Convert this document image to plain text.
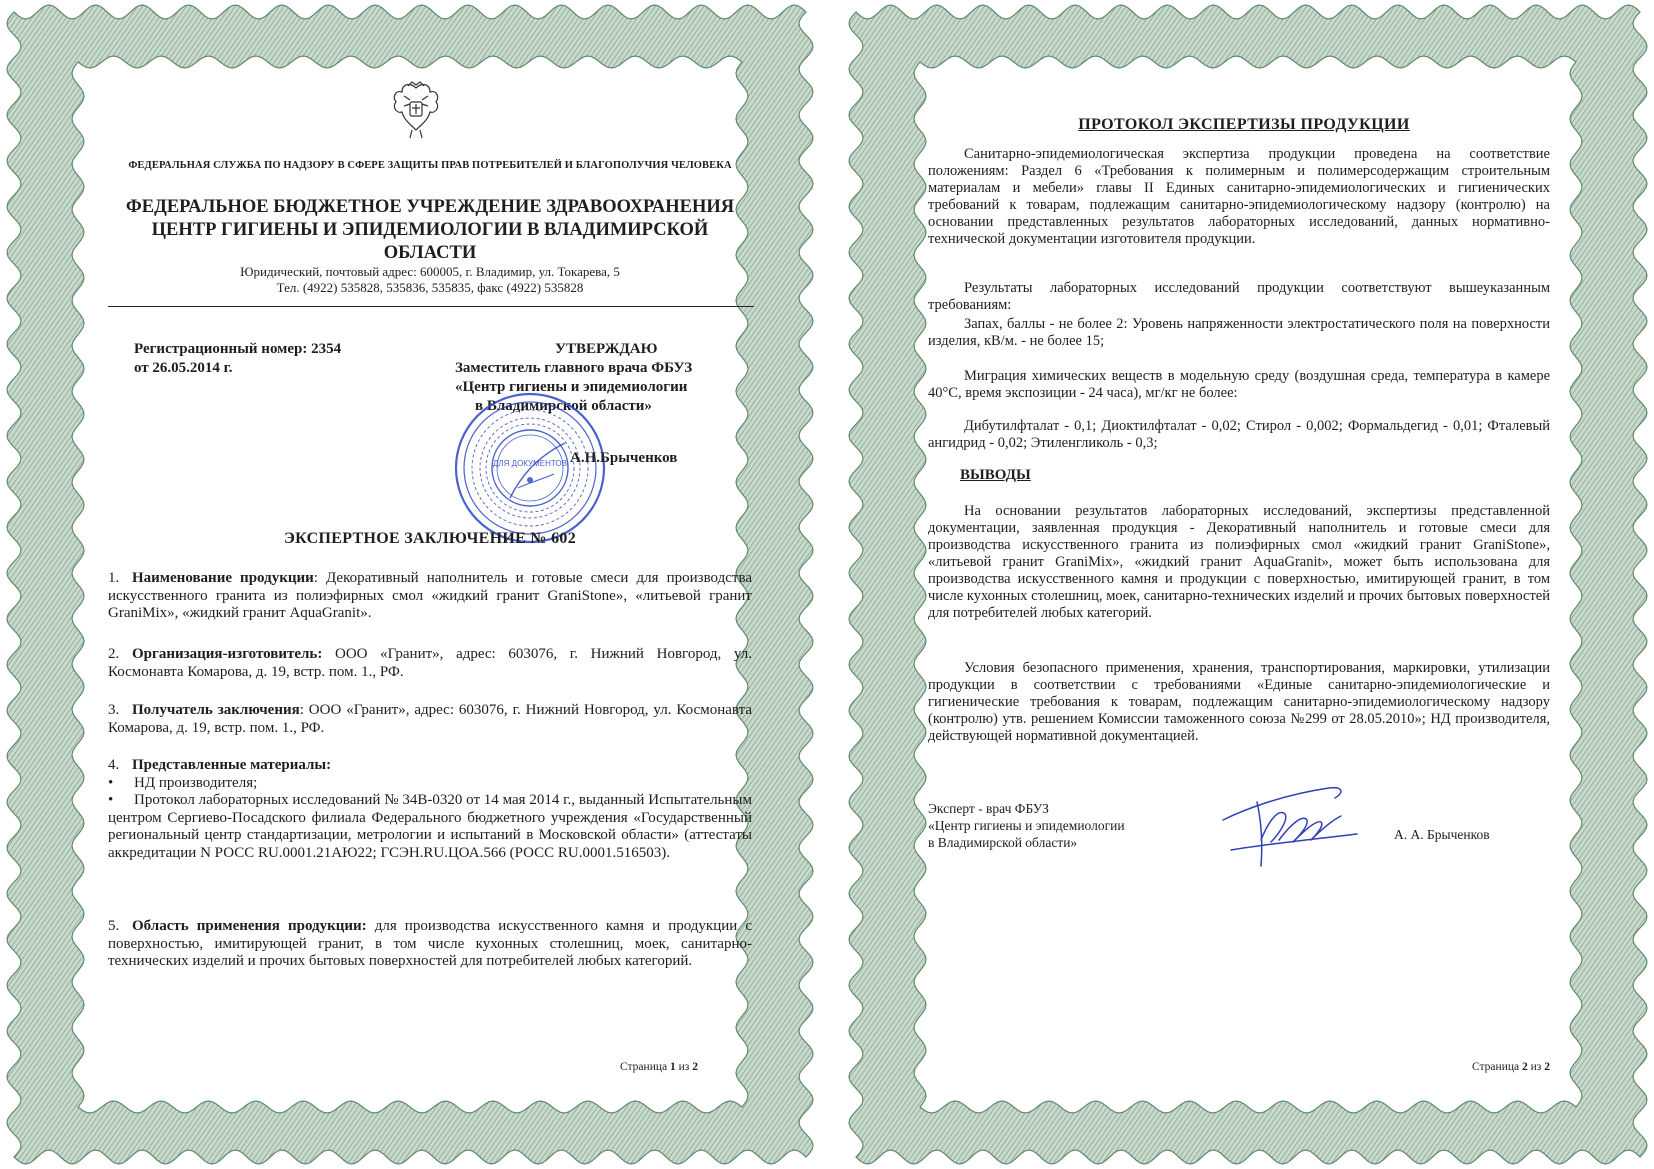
ФЕДЕРАЛЬНАЯ СЛУЖБА ПО НАДЗОРУ В СФЕРЕ ЗАЩИТЫ ПРАВ ПОТРЕБИТЕЛЕЙ И БЛАГОПОЛУЧИЯ ЧЕЛОВЕКА
ФЕДЕРАЛЬНОЕ БЮДЖЕТНОЕ УЧРЕЖДЕНИЕ ЗДРАВООХРАНЕНИЯ
ЦЕНТР ГИГИЕНЫ И ЭПИДЕМИОЛОГИИ В ВЛАДИМИРСКОЙ ОБЛАСТИ
Юридический, почтовый адрес: 600005, г. Владимир, ул. Токарева, 5
Тел. (4922) 535828, 535836, 535835, факс (4922) 535828
Регистрационный номер: 2354
от 26.05.2014 г.
УТВЕРЖДАЮ
Заместитель главного врача ФБУЗ
«Центр гигиены и эпидемиологии
в Владимирской области»
ДЛЯ ДОКУМЕНТОВ А.Н.Брыченков
ЭКСПЕРТНОЕ ЗАКЛЮЧЕНИЕ № 602
1. Наименование продукции: Декоративный наполнитель и готовые смеси для производства искусственного гранита из полиэфирных смол «жидкий гранит GraniStone», «литьевой гранит GraniMix», «жидкий гранит AquaGranit».
2. Организация-изготовитель: ООО «Гранит», адрес: 603076, г. Нижний Новгород, ул. Космонавта Комарова, д. 19, встр. пом. 1., РФ.
3. Получатель заключения: ООО «Гранит», адрес: 603076, г. Нижний Новгород, ул. Космонавта Комарова, д. 19, встр. пом. 1., РФ.
4. Представленные материалы:
• НД производителя;
• Протокол лабораторных исследований № 34В-0320 от 14 мая 2014 г., выданный Испытательным центром Сергиево-Посадского филиала Федерального бюджетного учреждения «Государственный региональный центр стандартизации, метрологии и испытаний в Московской области» (аттестаты аккредитации N РОСС RU.0001.21АЮ22; ГСЭН.RU.ЦОА.566 (РОСС RU.0001.516503).
5. Область применения продукции: для производства искусственного камня и продукции с поверхностью, имитирующей гранит, в том числе кухонных столешниц, моек, санитарно-технических изделий и прочих бытовых поверхностей для потребителей любых категорий.
Страница 1 из 2
ПРОТОКОЛ ЭКСПЕРТИЗЫ ПРОДУКЦИИ
Санитарно-эпидемиологическая экспертиза продукции проведена на соответствие положениям: Раздел 6 «Требования к полимерным и полимерсодержащим строительным материалам и мебели» главы II Единых санитарно-эпидемиологических и гигиенических требований к товарам, подлежащим санитарно-эпидемиологическому надзору (контролю) на основании представленных результатов лабораторных исследований, данных нормативно-технической документации изготовителя продукции.
Результаты лабораторных исследований продукции соответствуют вышеуказанным требованиям:
Запах, баллы - не более 2: Уровень напряженности электростатического поля на поверхности изделия, кВ/м. - не более 15;
Миграция химических веществ в модельную среду (воздушная среда, температура в камере 40°С, время экспозиции - 24 часа), мг/кг не более:
Дибутилфталат - 0,1; Диоктилфталат - 0,02; Стирол - 0,002; Формальдегид - 0,01; Фталевый ангидрид - 0,02; Этиленгликоль - 0,3;
ВЫВОДЫ
На основании результатов лабораторных исследований, экспертизы представленной документации, заявленная продукция - Декоративный наполнитель и готовые смеси для производства искусственного гранита из полиэфирных смол «жидкий гранит GraniStone», «литьевой гранит GraniMix», «жидкий гранит AquaGranit», может быть использована для производства искусственного камня и продукции с поверхностью, имитирующей гранит, в том числе кухонных столешниц, моек, санитарно-технических изделий и прочих бытовых поверхностей для потребителей любых категорий.
Условия безопасного применения, хранения, транспортирования, маркировки, утилизации продукции в соответствии с требованиями «Единые санитарно-эпидемиологические и гигиенические требования к товарам, подлежащим санитарно-эпидемиологическому надзору (контролю) утв. решением Комиссии таможенного союза №299 от 28.05.2010»; НД производителя, действующей нормативной документацией.
Эксперт - врач ФБУЗ
«Центр гигиены и эпидемиологии
в Владимирской области»
А. А. Брыченков
Страница 2 из 2
